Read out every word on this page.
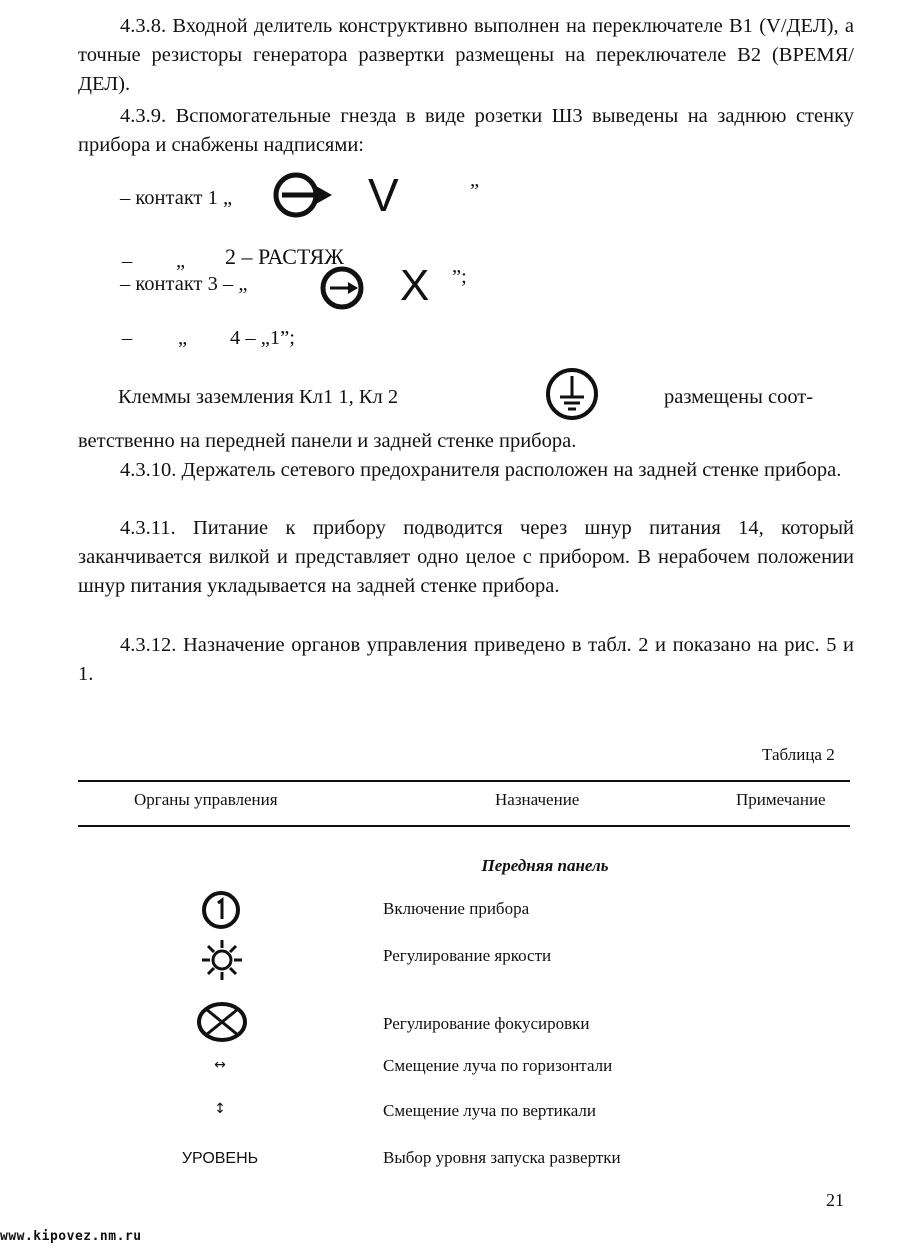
4.3.8. Входной делитель конструктивно выполнен на переключателе В1 (V/ДЕЛ), а точные резисторы генератора развертки размещены на переключателе В2 (ВРЕМЯ/ДЕЛ).

4.3.9. Вспомогательные гнезда в виде розетки Ш3 выведены на заднюю стенку прибора и снабжены надписями:

– контакт 1 „	V	”
– „ 2 – РАСТЯЖ
– контакт 3 – „	X ”;
– „ 4 – „1”;
Клеммы заземления Кл1 1, Кл 2	размещены соот-

ветственно на передней панели и задней стенке прибора.

4.3.10. Держатель сетевого предохранителя расположен на задней стенке прибора.

4.3.11. Питание к прибору подводится через шнур питания 14, который заканчивается вилкой и представляет одно целое с прибором. В нерабочем положении шнур питания укладывается на задней стенке прибора.

4.3.12. Назначение органов управления приведено в табл. 2 и показано на рис. 5 и 1.

Таблица 2
Органы управления	Назначение	Примечание
Передняя панель
Включение прибора
Регулирование яркости
Регулирование фокусировки
↔	Смещение луча по горизонтали
↕	Смещение луча по вертикали
УРОВЕНЬ	Выбор уровня запуска развертки
21
www.kipovez.nm.ru
